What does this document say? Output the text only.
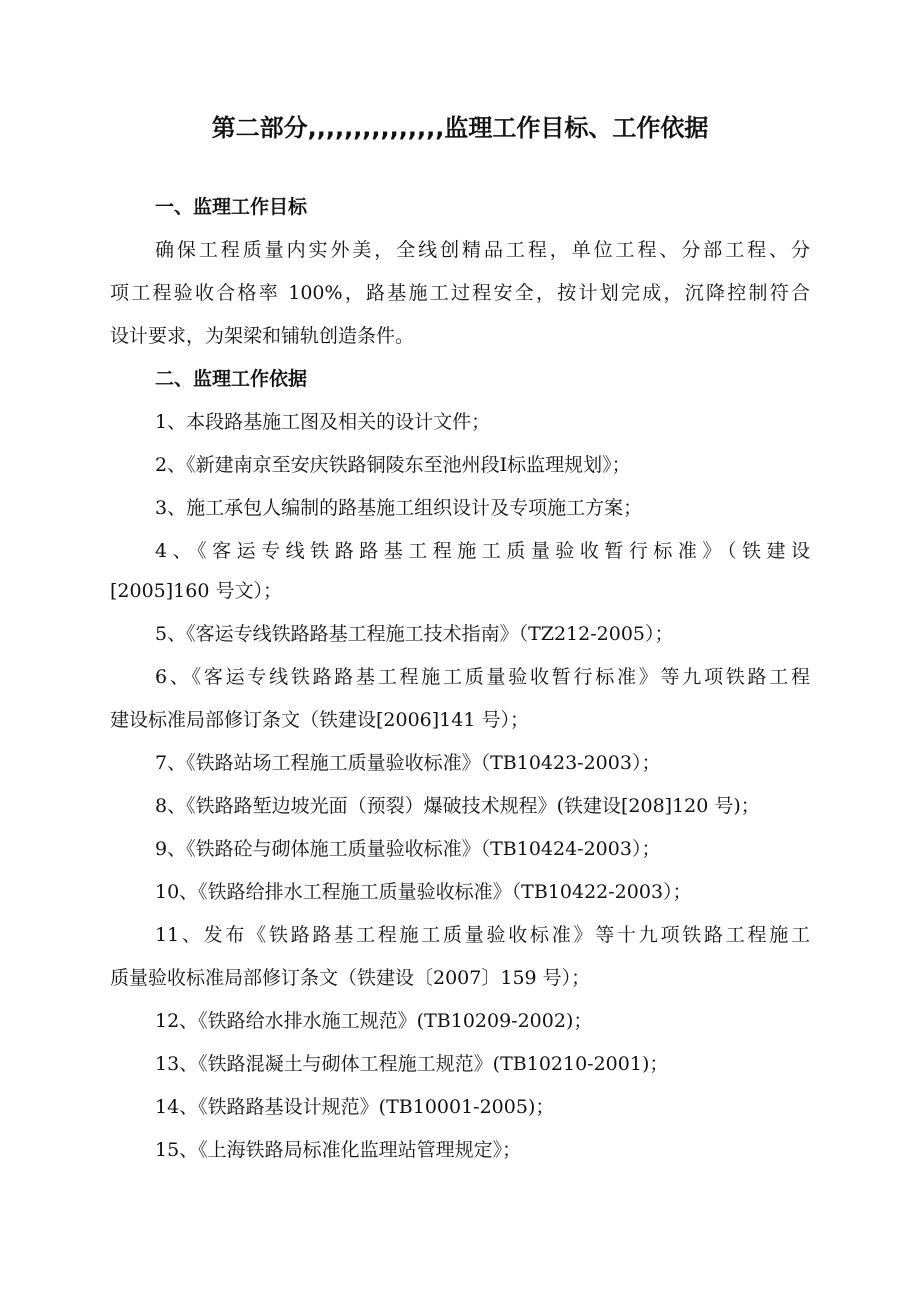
第二部分,,,,,,,,,,,,,,,监理工作目标、工作依据
一、监理工作目标
确保工程质量内实外美，全线创精品工程，单位工程、分部工程、分
项工程验收合格率 100%，路基施工过程安全，按计划完成，沉降控制符合
设计要求，为架梁和铺轨创造条件。
二、监理工作依据
1、本段路基施工图及相关的设计文件；
2、《新建南京至安庆铁路铜陵东至池州段Ⅰ标监理规划》；
3、施工承包人编制的路基施工组织设计及专项施工方案；
4、《客运专线铁路路基工程施工质量验收暂行标准》（铁建设
[2005]160 号文）；
5、《客运专线铁路路基工程施工技术指南》（TZ212-2005）；
6、《客运专线铁路路基工程施工质量验收暂行标准》等九项铁路工程
建设标准局部修订条文（铁建设[2006]141 号）；
7、《铁路站场工程施工质量验收标准》（TB10423-2003）；
8、《铁路路堑边坡光面（预裂）爆破技术规程》(铁建设[208]120 号)；
9、《铁路砼与砌体施工质量验收标准》（TB10424-2003）；
10、《铁路给排水工程施工质量验收标准》（TB10422-2003）；
11、发布《铁路路基工程施工质量验收标准》等十九项铁路工程施工
质量验收标准局部修订条文（铁建设〔2007〕159 号）；
12、《铁路给水排水施工规范》(TB10209-2002)；
13、《铁路混凝土与砌体工程施工规范》(TB10210-2001)；
14、《铁路路基设计规范》(TB10001-2005)；
15、《上海铁路局标准化监理站管理规定》；
